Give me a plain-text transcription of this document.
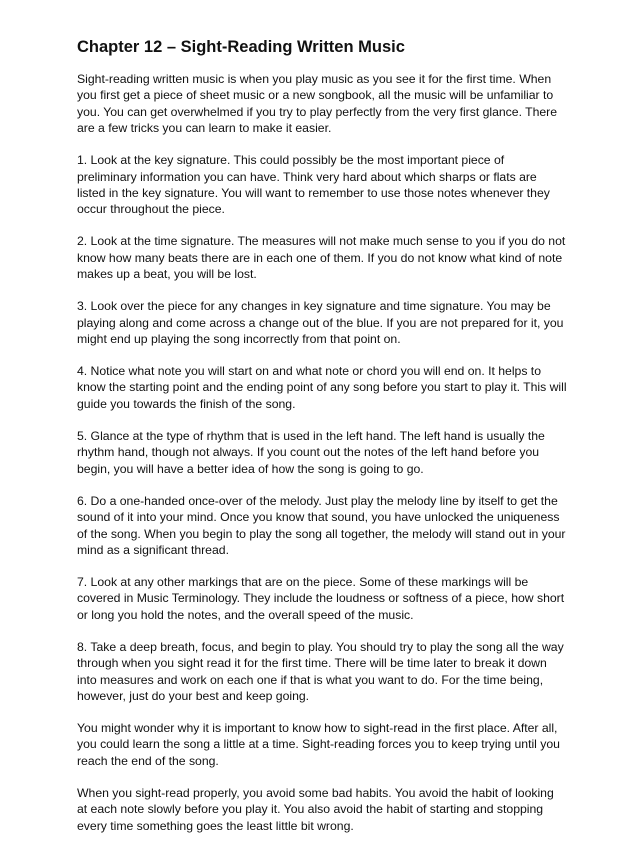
Chapter 12 – Sight-Reading Written Music

Sight-reading written music is when you play music as you see it for the first time. When you first get a piece of sheet music or a new songbook, all the music will be unfamiliar to you. You can get overwhelmed if you try to play perfectly from the very first glance. There are a few tricks you can learn to make it easier.

1. Look at the key signature. This could possibly be the most important piece of preliminary information you can have. Think very hard about which sharps or flats are listed in the key signature. You will want to remember to use those notes whenever they occur throughout the piece.

2. Look at the time signature. The measures will not make much sense to you if you do not know how many beats there are in each one of them. If you do not know what kind of note makes up a beat, you will be lost.

3. Look over the piece for any changes in key signature and time signature. You may be playing along and come across a change out of the blue. If you are not prepared for it, you might end up playing the song incorrectly from that point on.

4. Notice what note you will start on and what note or chord you will end on. It helps to know the starting point and the ending point of any song before you start to play it. This will guide you towards the finish of the song.

5. Glance at the type of rhythm that is used in the left hand. The left hand is usually the rhythm hand, though not always. If you count out the notes of the left hand before you begin, you will have a better idea of how the song is going to go.

6. Do a one-handed once-over of the melody. Just play the melody line by itself to get the sound of it into your mind. Once you know that sound, you have unlocked the uniqueness of the song. When you begin to play the song all together, the melody will stand out in your mind as a significant thread.

7. Look at any other markings that are on the piece. Some of these markings will be covered in Music Terminology. They include the loudness or softness of a piece, how short or long you hold the notes, and the overall speed of the music.

8. Take a deep breath, focus, and begin to play. You should try to play the song all the way through when you sight read it for the first time. There will be time later to break it down into measures and work on each one if that is what you want to do. For the time being, however, just do your best and keep going.

You might wonder why it is important to know how to sight-read in the first place. After all, you could learn the song a little at a time. Sight-reading forces you to keep trying until you reach the end of the song.

When you sight-read properly, you avoid some bad habits. You avoid the habit of looking at each note slowly before you play it. You also avoid the habit of starting and stopping every time something goes the least little bit wrong.
